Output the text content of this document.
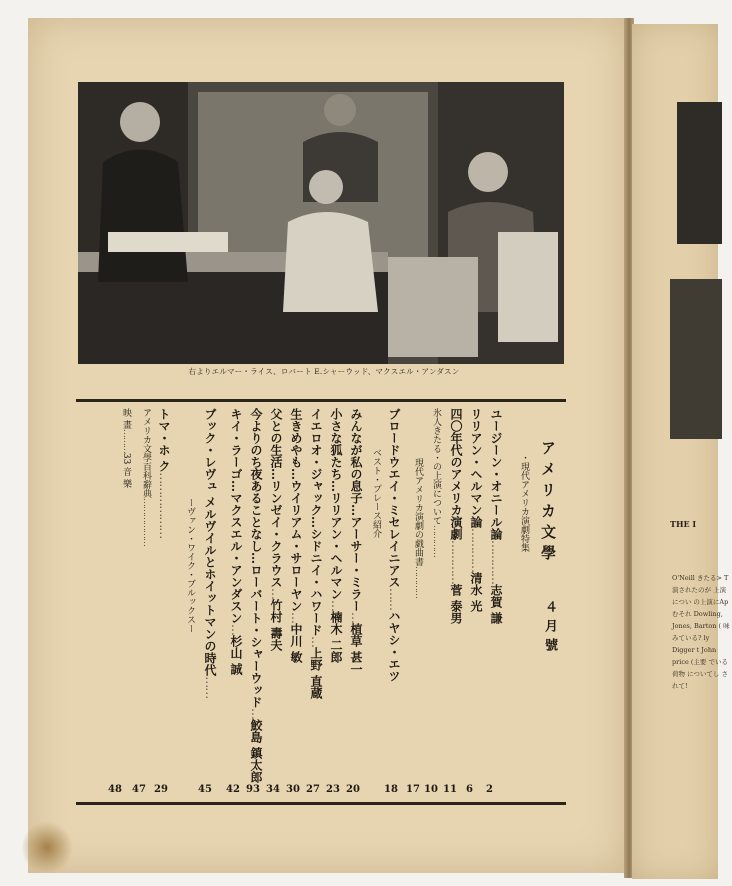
THE I
O'Neill きたる> T 演されたのが 上演につい の上演にAp むそれ Dowling, Jones, Barton ( 味みている? ly Digger t John price (主要 でいる荷物 についてし されて!
右よりエルマー・ライス、ロバート E.シャーウッド、マクスエル・アンダスン
・現代アメリカ演劇特集
ユージーン・オニール論…………志賀 謙
2
リリアン・ヘルマン論…………清水 光
6
四〇年代のアメリカ演劇…………菅 泰男
11
氷人きたる・の上演について…………
10
現代アメリカ演劇の戯曲書…………
17
ブロードウエイ・ミセレイニアス……ハヤシ・エツ
18
ベスト・プレース紹介
みんなが私の息子…アーサー・ミラー…植草 甚一
20
小さな狐たち…リリアン・ヘルマン…楠木 二郎
23
イエロオ・ジャック…シドニイ・ハワード…上野 直蔵
27
生きめやも…ウイリアム・サローヤン…中川 敏
30
父との生活…リンゼイ・クラウス…竹村 壽夫
34
今よりのち夜あることなし…ローバート・シャーウッド…鮫島 鎮太郎
93
キイ・ラーゴ…マクスエル・アンダスン…杉山 誠
42
ブック・レヴュ メルヴイルとホイットマンの時代……
45
ーヴァン・ワイク・ブルックスー
トマ・ホ ク………………
29
アメリカ文學百科辭典………………
47
映 畫………33 音 樂
48
アメリカ文學
４月號
